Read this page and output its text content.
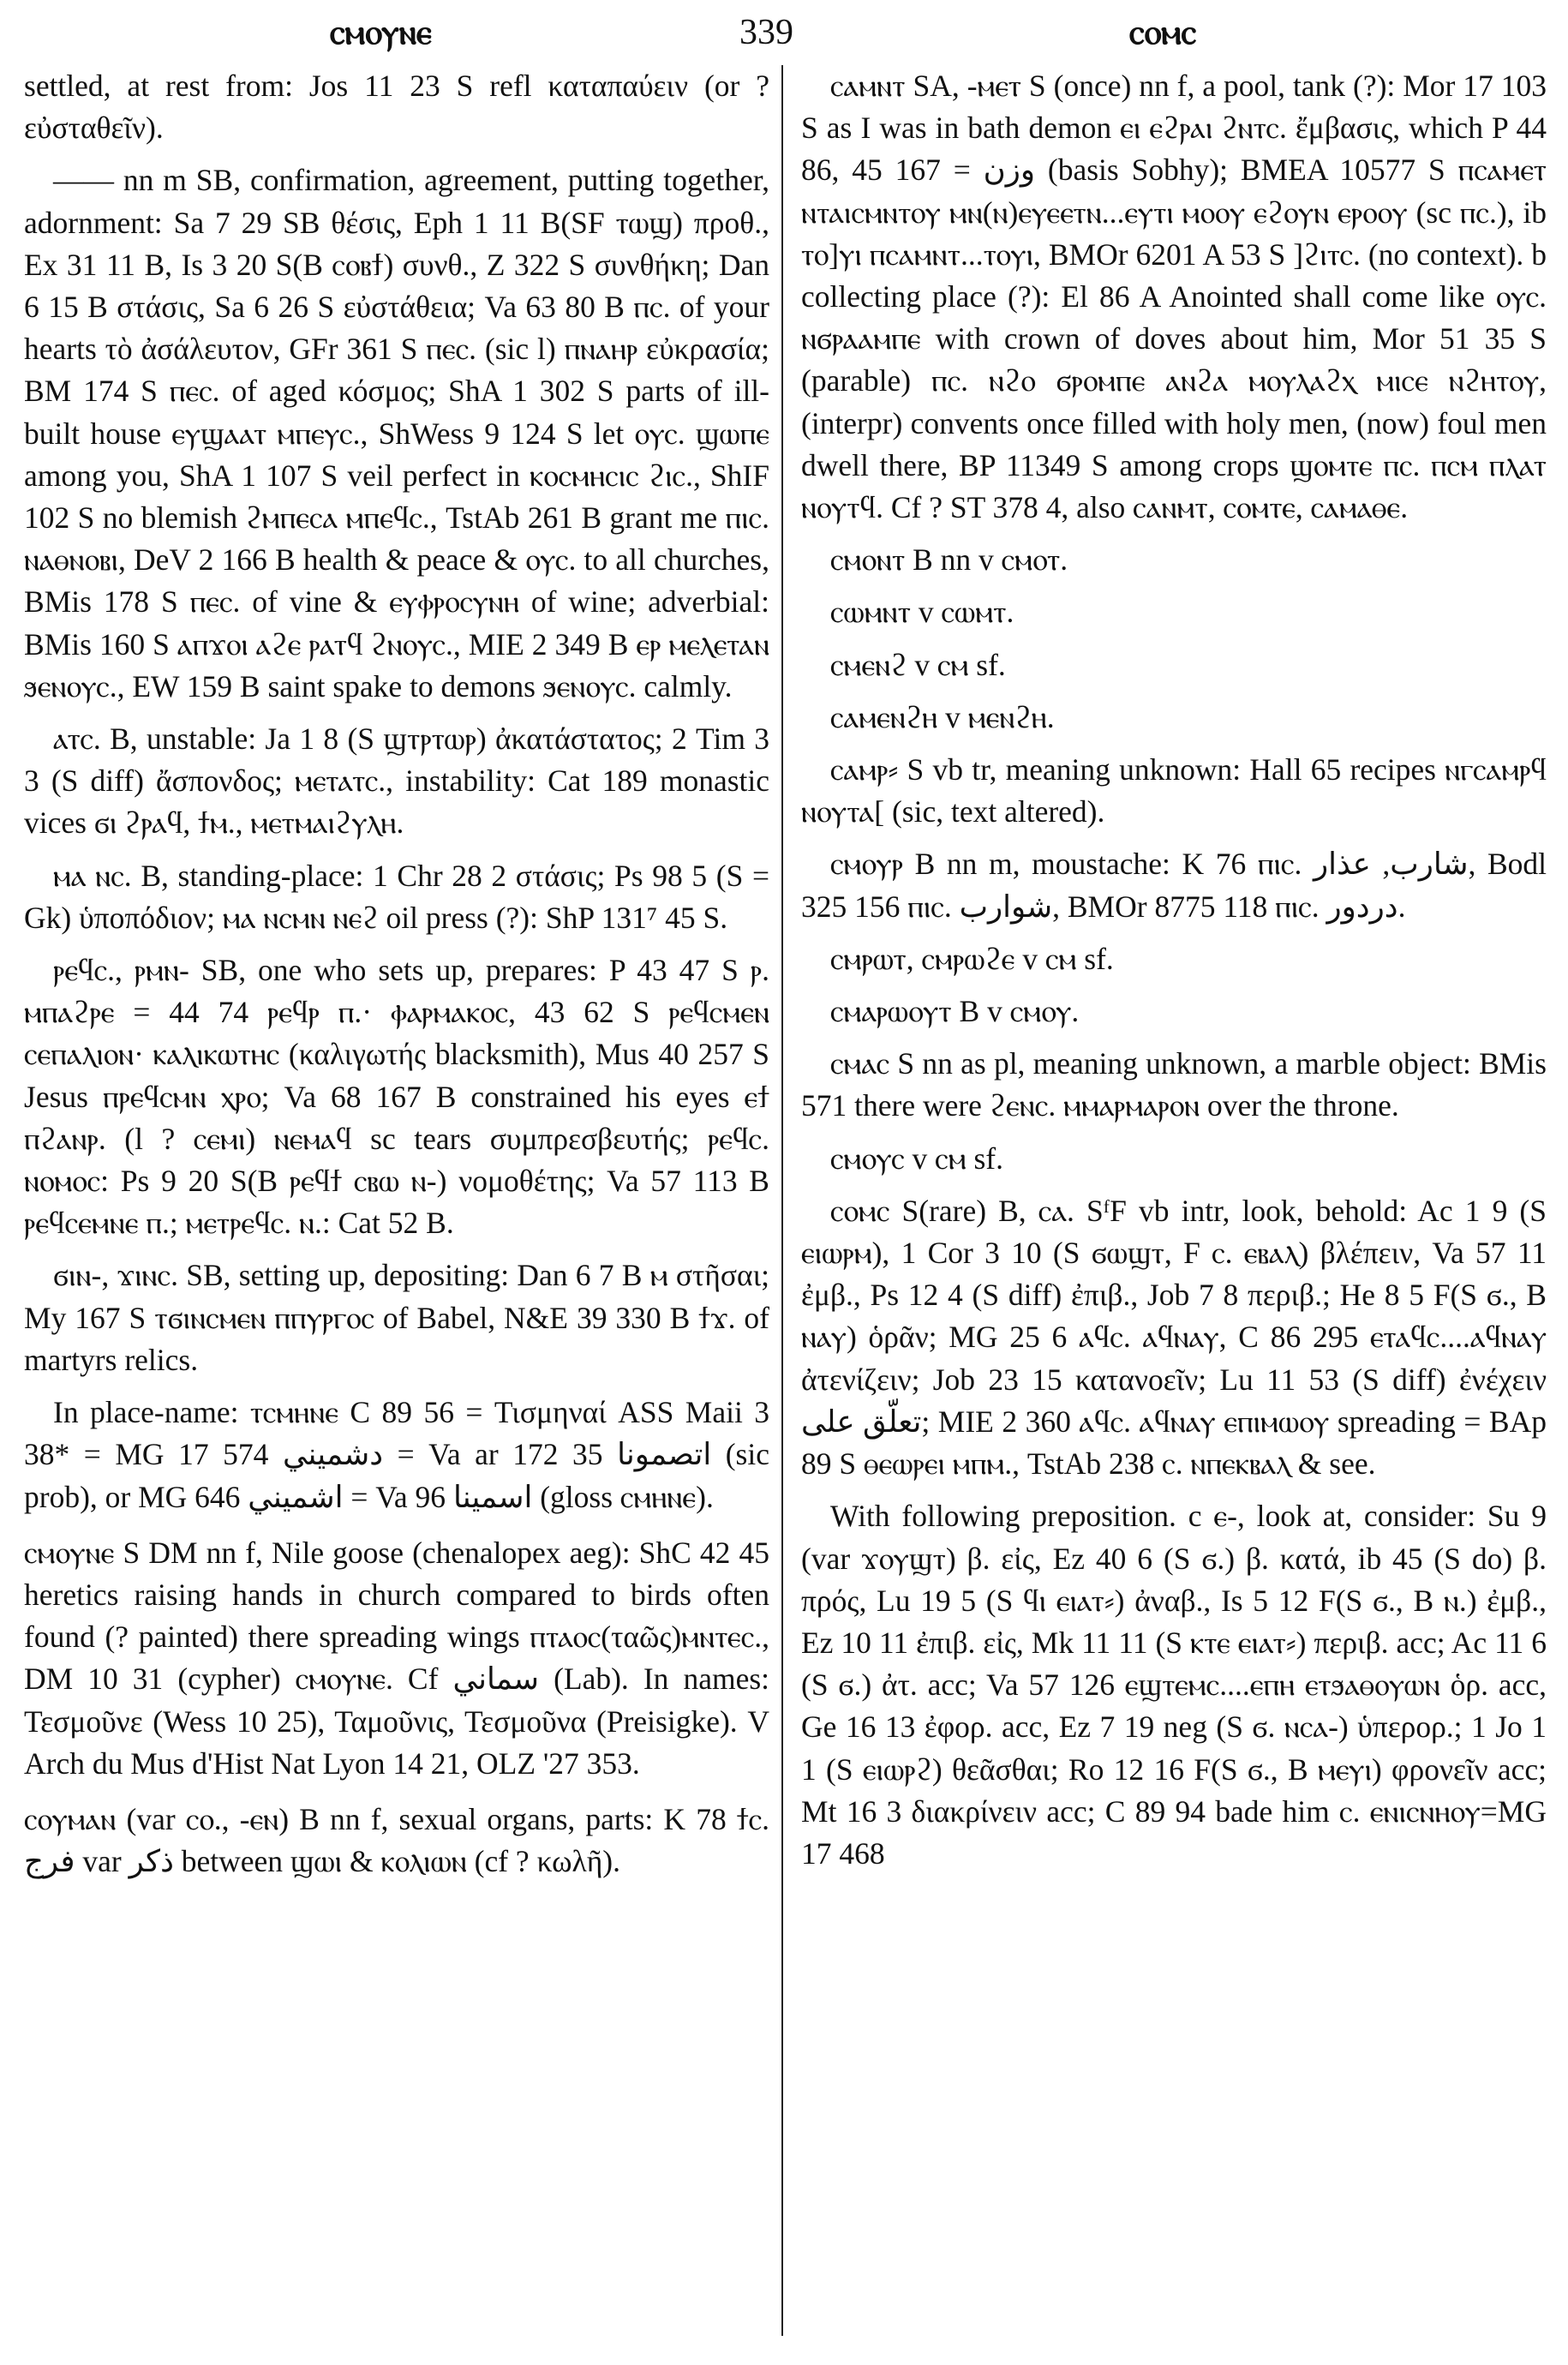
ⲥⲙⲟⲩⲛⲉ	339	ⲥⲟⲙⲥ

settled, at rest from: Jos 11 23 S refl καταπαύειν (or ? εὐσταθεῖν).

—— nn m SB, confirmation, agreement, putting together, adornment: Sa 7 29 SB θέσις, Eph 1 11 B(SF ⲧⲱϣ) προθ., Ex 31 11 B, Is 3 20 S(B ⲥⲟⲃϯ) συνθ., Z 322 S συνθήκη; Dan 6 15 B στάσις, Sa 6 26 S εὐστάθεια; Va 63 80 B ⲡⲥ. of your hearts τὸ ἀσάλευτον, GFr 361 S ⲡⲉⲥ. (sic l) ⲡⲛⲁⲏⲣ εὐκρασία; BM 174 S ⲡⲉⲥ. of aged κόσμος; ShA 1 302 S parts of ill-built house ⲉⲩϣⲁⲁⲧ ⲙⲡⲉⲩⲥ., ShWess 9 124 S let ⲟⲩⲥ. ϣⲱⲡⲉ among you, ShA 1 107 S veil perfect in ⲕⲟⲥⲙⲏⲥⲓⲥ ϩⲓⲥ., ShIF 102 S no blemish ϩⲙⲡⲉⲥⲁ ⲙⲡⲉϥⲥ., TstAb 261 B grant me ⲡⲓⲥ. ⲛⲁⲑⲛⲟⲃⲓ, DeV 2 166 B health & peace & ⲟⲩⲥ. to all churches, BMis 178 S ⲡⲉⲥ. of vine & ⲉⲩⲫⲣⲟⲥⲩⲛⲏ of wine; adverbial: BMis 160 S ⲁⲡϫⲟⲓ ⲁϩⲉ ⲣⲁⲧϥ ϩⲛⲟⲩⲥ., MIE 2 349 B ⲉⲣ ⲙⲉⲗⲉⲧⲁⲛ ϧⲉⲛⲟⲩⲥ., EW 159 B saint spake to demons ϧⲉⲛⲟⲩⲥ. calmly.

ⲁⲧⲥ. B, unstable: Ja 1 8 (S ϣⲧⲣⲧⲱⲣ) ἀκατάστατος; 2 Tim 3 3 (S diff) ἄσπονδος; ⲙⲉⲧⲁⲧⲥ., instability: Cat 189 monastic vices ϭⲓ ϩⲣⲁϥ, ϯⲙ., ⲙⲉⲧⲙⲁⲓϩⲩⲗⲏ.

ⲙⲁ ⲛⲥ. B, standing-place: 1 Chr 28 2 στάσις; Ps 98 5 (S = Gk) ὑποπόδιον; ⲙⲁ ⲛⲥⲙⲛ ⲛⲉϩ oil press (?): ShP 131⁷ 45 S.

ⲣⲉϥⲥ., ⲣⲙⲛ- SB, one who sets up, prepares: P 43 47 S ⲣ. ⲙⲡⲁϩⲣⲉ = 44 74 ⲣⲉϥⲣ ⲡ.· ⲫⲁⲣⲙⲁⲕⲟⲥ, 43 62 S ⲣⲉϥⲥⲙⲉⲛ ⲥⲉⲡⲁⲗⲓⲟⲛ· ⲕⲁⲗⲓⲕⲱⲧⲏⲥ (καλιγωτής blacksmith), Mus 40 257 S Jesus ⲡⲣⲉϥⲥⲙⲛ ⲭⲣⲟ; Va 68 167 B constrained his eyes ⲉϯ ⲡϩⲁⲛⲣ. (l ? ⲥⲉⲙⲓ) ⲛⲉⲙⲁϥ sc tears συμπρεσβευτής; ⲣⲉϥⲥ. ⲛⲟⲙⲟⲥ: Ps 9 20 S(B ⲣⲉϥϯ ⲥⲃⲱ ⲛ-) νομοθέτης; Va 57 113 B ⲣⲉϥⲥⲉⲙⲛⲉ ⲡ.; ⲙⲉⲧⲣⲉϥⲥ. ⲛ.: Cat 52 B.

ϭⲓⲛ-, ϫⲓⲛⲥ. SB, setting up, depositing: Dan 6 7 B ⲙ στῆσαι; My 167 S ⲧϭⲓⲛⲥⲙⲉⲛ ⲡⲡⲩⲣⲅⲟⲥ of Babel, N&E 39 330 B ϯϫ. of martyrs relics.

In place-name: ⲧⲥⲙⲏⲛⲉ C 89 56 = Τισμηναί ASS Maii 3 38* = MG 17 574 دشميني = Va ar 172 35 اتصمونا (sic prob), or MG 646 اشميني = Va 96 اسمينا (gloss ⲥⲙⲏⲛⲉ).

ⲥⲙⲟⲩⲛⲉ S DM nn f, Nile goose (chenalopex aeg): ShC 42 45 heretics raising hands in church compared to birds often found (? painted) there spreading wings ⲡⲧⲁⲟⲥ(ταῶς)ⲙⲛⲧⲉⲥ., DM 10 31 (cypher) ⲥⲙⲟⲩⲛⲉ. Cf سماني (Lab). In names: Τεσμοῦνε (Wess 10 25), Ταμοῦνις, Τεσμοῦνα (Preisigke). V Arch du Mus d'Hist Nat Lyon 14 21, OLZ '27 353.

ⲥⲟⲩⲙⲁⲛ (var ⲥⲟ., -ⲉⲛ) B nn f, sexual organs, parts: K 78 ϯⲥ. فرج var ذكر between ϣⲱⲓ & ⲕⲟⲗⲓⲱⲛ (cf ? κωλῆ).

ⲥⲁⲙⲛⲧ SA, -ⲙⲉⲧ S (once) nn f, a pool, tank (?): Mor 17 103 S as I was in bath demon ⲉⲓ ⲉϩⲣⲁⲓ ϩⲛⲧⲥ. ἔμβασις, which P 44 86, 45 167 = وزن (basis Sobhy); BMEA 10577 S ⲡⲥⲁⲙⲉⲧ ⲛⲧⲁⲓⲥⲙⲛⲧⲟⲩ ⲙⲛ(ⲛ)ⲉⲩⲉⲉⲧⲛ...ⲉⲩⲧⲓ ⲙⲟⲟⲩ ⲉϩⲟⲩⲛ ⲉⲣⲟⲟⲩ (sc ⲡⲥ.), ib ⲧⲟ]ⲩⲓ ⲡⲥⲁⲙⲛⲧ...ⲧⲟⲩⲓ, BMOr 6201 A 53 S ]ϩⲓⲧⲥ. (no context). b collecting place (?): El 86 A Anointed shall come like ⲟⲩⲥ. ⲛϭⲣⲁⲁⲙⲡⲉ with crown of doves about him, Mor 51 35 S (parable) ⲡⲥ. ⲛϩⲟ ϭⲣⲟⲙⲡⲉ ⲁⲛϩⲁ ⲙⲟⲩⲗⲁϩⲭ ⲙⲓⲥⲉ ⲛϩⲏⲧⲟⲩ, (interpr) convents once filled with holy men, (now) foul men dwell there, BP 11349 S among crops ϣⲟⲙⲧⲉ ⲡⲥ. ⲡⲥⲙ ⲡⲗⲁⲧ ⲛⲟⲩⲧϥ. Cf ? ST 378 4, also ⲥⲁⲛⲙⲧ, ⲥⲟⲙⲧⲉ, ⲥⲁⲙⲁⲑⲉ.

ⲥⲙⲟⲛⲧ B nn v ⲥⲙⲟⲧ.

ⲥⲱⲙⲛⲧ v ⲥⲱⲙⲧ.

ⲥⲙⲉⲛϩ v ⲥⲙ sf.

ⲥⲁⲙⲉⲛϩⲏ v ⲙⲉⲛϩⲏ.

ⲥⲁⲙⲣ⸗ S vb tr, meaning unknown: Hall 65 recipes ⲛⲅⲥⲁⲙⲣϥ ⲛⲟⲩⲧⲁ[ (sic, text altered).

ⲥⲙⲟⲩⲣ B nn m, moustache: K 76 ⲡⲓⲥ. شارب, عذار, Bodl 325 156 ⲡⲓⲥ. شوارب, BMOr 8775 118 ⲡⲓⲥ. دردور.

ⲥⲙⲣⲱⲧ, ⲥⲙⲣⲱϩⲉ v ⲥⲙ sf.

ⲥⲙⲁⲣⲱⲟⲩⲧ B v ⲥⲙⲟⲩ.

ⲥⲙⲁⲥ S nn as pl, meaning unknown, a marble object: BMis 571 there were ϩⲉⲛⲥ. ⲙⲙⲁⲣⲙⲁⲣⲟⲛ over the throne.

ⲥⲙⲟⲩⲥ v ⲥⲙ sf.

ⲥⲟⲙⲥ S(rare) B, ⲥⲁ. SᶠF vb intr, look, behold: Ac 1 9 (S ⲉⲓⲱⲣⲙ), 1 Cor 3 10 (S ϭⲱϣⲧ, F ⲥ. ⲉⲃⲁⲗ) βλέπειν, Va 57 11 ἐμβ., Ps 12 4 (S diff) ἐπιβ., Job 7 8 περιβ.; He 8 5 F(S ϭ., B ⲛⲁⲩ) ὁρᾶν; MG 25 6 ⲁϥⲥ. ⲁϥⲛⲁⲩ, C 86 295 ⲉⲧⲁϥⲥ....ⲁϥⲛⲁⲩ ἀτενίζειν; Job 23 15 κατανοεῖν; Lu 11 53 (S diff) ἐνέχειν تعلّق على; MIE 2 360 ⲁϥⲥ. ⲁϥⲛⲁⲩ ⲉⲡⲓⲙⲱⲟⲩ spreading = BAp 89 S ⲑⲉⲱⲣⲉⲓ ⲙⲡⲙ., TstAb 238 ⲥ. ⲛⲡⲉⲕⲃⲁⲗ & see.

With following preposition. c ⲉ-, look at, consider: Su 9 (var ϫⲟⲩϣⲧ) β. εἰς, Ez 40 6 (S ϭ.) β. κατά, ib 45 (S do) β. πρός, Lu 19 5 (S ϥⲓ ⲉⲓⲁⲧ⸗) ἀναβ., Is 5 12 F(S ϭ., B ⲛ.) ἐμβ., Ez 10 11 ἐπιβ. εἰς, Mk 11 11 (S ⲕⲧⲉ ⲉⲓⲁⲧ⸗) περιβ. acc; Ac 11 6 (S ϭ.) ἀτ. acc; Va 57 126 ⲉϣⲧⲉⲙⲥ....ⲉⲡⲏ ⲉⲧϧⲁⲑⲟⲩⲱⲛ ὁρ. acc, Ge 16 13 ἐφορ. acc, Ez 7 19 neg (S ϭ. ⲛⲥⲁ-) ὑπερορ.; 1 Jo 1 1 (S ⲉⲓⲱⲣϩ) θεᾶσθαι; Ro 12 16 F(S ϭ., B ⲙⲉⲩⲓ) φρονεῖν acc; Mt 16 3 διακρίνειν acc; C 89 94 bade him ⲥ. ⲉⲛⲓⲥⲛⲏⲟⲩ=MG 17 468
